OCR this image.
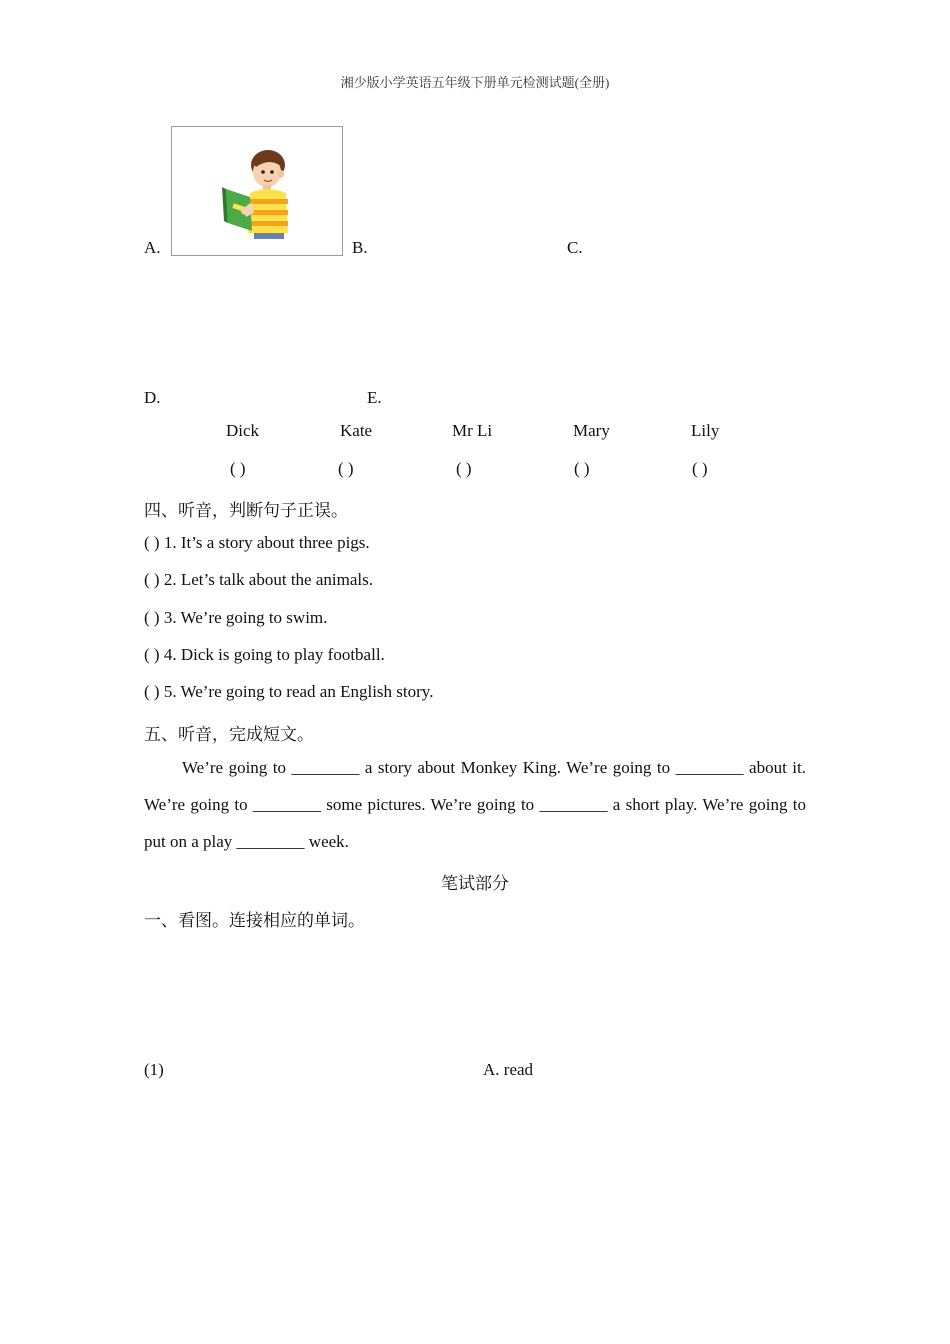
湘少版小学英语五年级下册单元检测试题(全册)
A.	B.	C.
D.	E.
Dick	Kate	Mr Li	Mary	Lily
( )	( )	( )	( )	( )
四、听音，判断句子正误。
( ) 1. It’s a story about three pigs.
( ) 2. Let’s talk about the animals.
( ) 3. We’re going to swim.
( ) 4. Dick is going to play football.
( ) 5. We’re going to read an English story.
五、听音，完成短文。

We’re going to ________ a story about Monkey King. We’re going to ________ about it. We’re going to ________ some pictures. We’re going to ________ a short play. We’re going to put on a play ________ week.

笔试部分
一、看图。连接相应的单词。
(1)	A. read
